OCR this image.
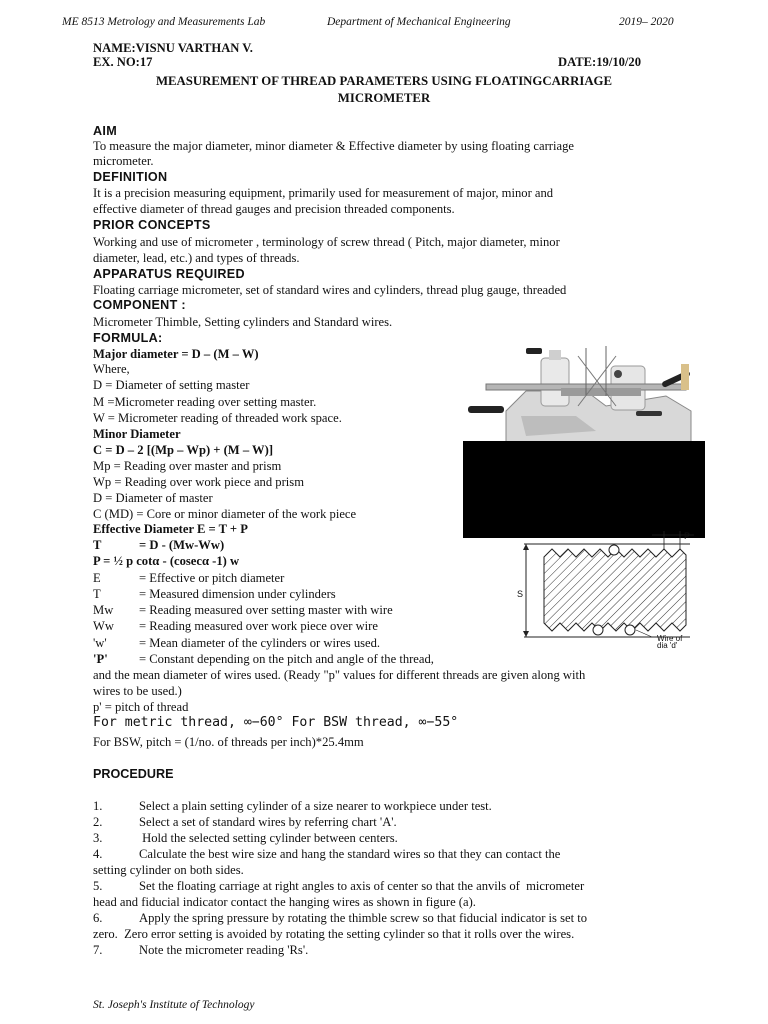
ME 8513 Metrology and Measurements Lab	Department of Mechanical Engineering	2019– 2020
NAME:VISNU VARTHAN V.
EX. NO:17	DATE:19/10/20
MEASUREMENT OF THREAD PARAMETERS USING FLOATINGCARRIAGE
MICROMETER
AIM
To measure the major diameter, minor diameter & Effective diameter by using floating carriage
micrometer.
DEFINITION
It is a precision measuring equipment, primarily used for measurement of major, minor and
effective diameter of thread gauges and precision threaded components.
PRIOR CONCEPTS
Working and use of micrometer , terminology of screw thread ( Pitch, major diameter, minor
diameter, lead, etc.) and types of threads.
APPARATUS REQUIRED
Floating carriage micrometer, set of standard wires and cylinders, thread plug gauge, threaded
COMPONENT :
Micrometer Thimble, Setting cylinders and Standard wires.
FORMULA:
Major diameter = D – (M – W)
Where,
D = Diameter of setting master
M =Micrometer reading over setting master.
W = Micrometer reading of threaded work space.
Minor Diameter
C = D – 2 [(Mp – Wp) + (M – W)]
Mp = Reading over master and prism
Wp = Reading over work piece and prism
D = Diameter of master
C (MD) = Core or minor diameter of the work piece
Effective Diameter E = T + P
T	= D - (Mw-Ww)
P = ½ p cotα - (cosecα -1) w
E	= Effective or pitch diameter
T	= Measured dimension under cylinders
Mw = Reading measured over setting master with wire
Ww = Reading measured over work piece over wire
'w'	= Mean diameter of the cylinders or wires used.
'P' = Constant depending on the pitch and angle of the thread,
and the mean diameter of wires used. (Ready "p" values for different threads are given along with
wires to be used.)
p' = pitch of thread
For metric thread, ∞−60° For BSW thread, ∞−55°
For BSW, pitch = (1/no. of threads per inch)*25.4mm
PROCEDURE
1.	Select a plain setting cylinder of a size nearer to workpiece under test.
2.	Select a set of standard wires by referring chart 'A'.
3.	Hold the selected setting cylinder between centers.
4.	Calculate the best wire size and hang the standard wires so that they can contact the
setting cylinder on both sides.
5.	Set the floating carriage at right angles to axis of center so that the anvils of  micrometer
head and fiducial indicator contact the hanging wires as shown in figure (a).
6.	Apply the spring pressure by rotating the thimble screw so that fiducial indicator is set to
zero.  Zero error setting is avoided by rotating the setting cylinder so that it rolls over the wires.
7.	Note the micrometer reading 'Rs'.
St. Joseph's Institute of Technology
S
P
Wire of
dia 'd'
